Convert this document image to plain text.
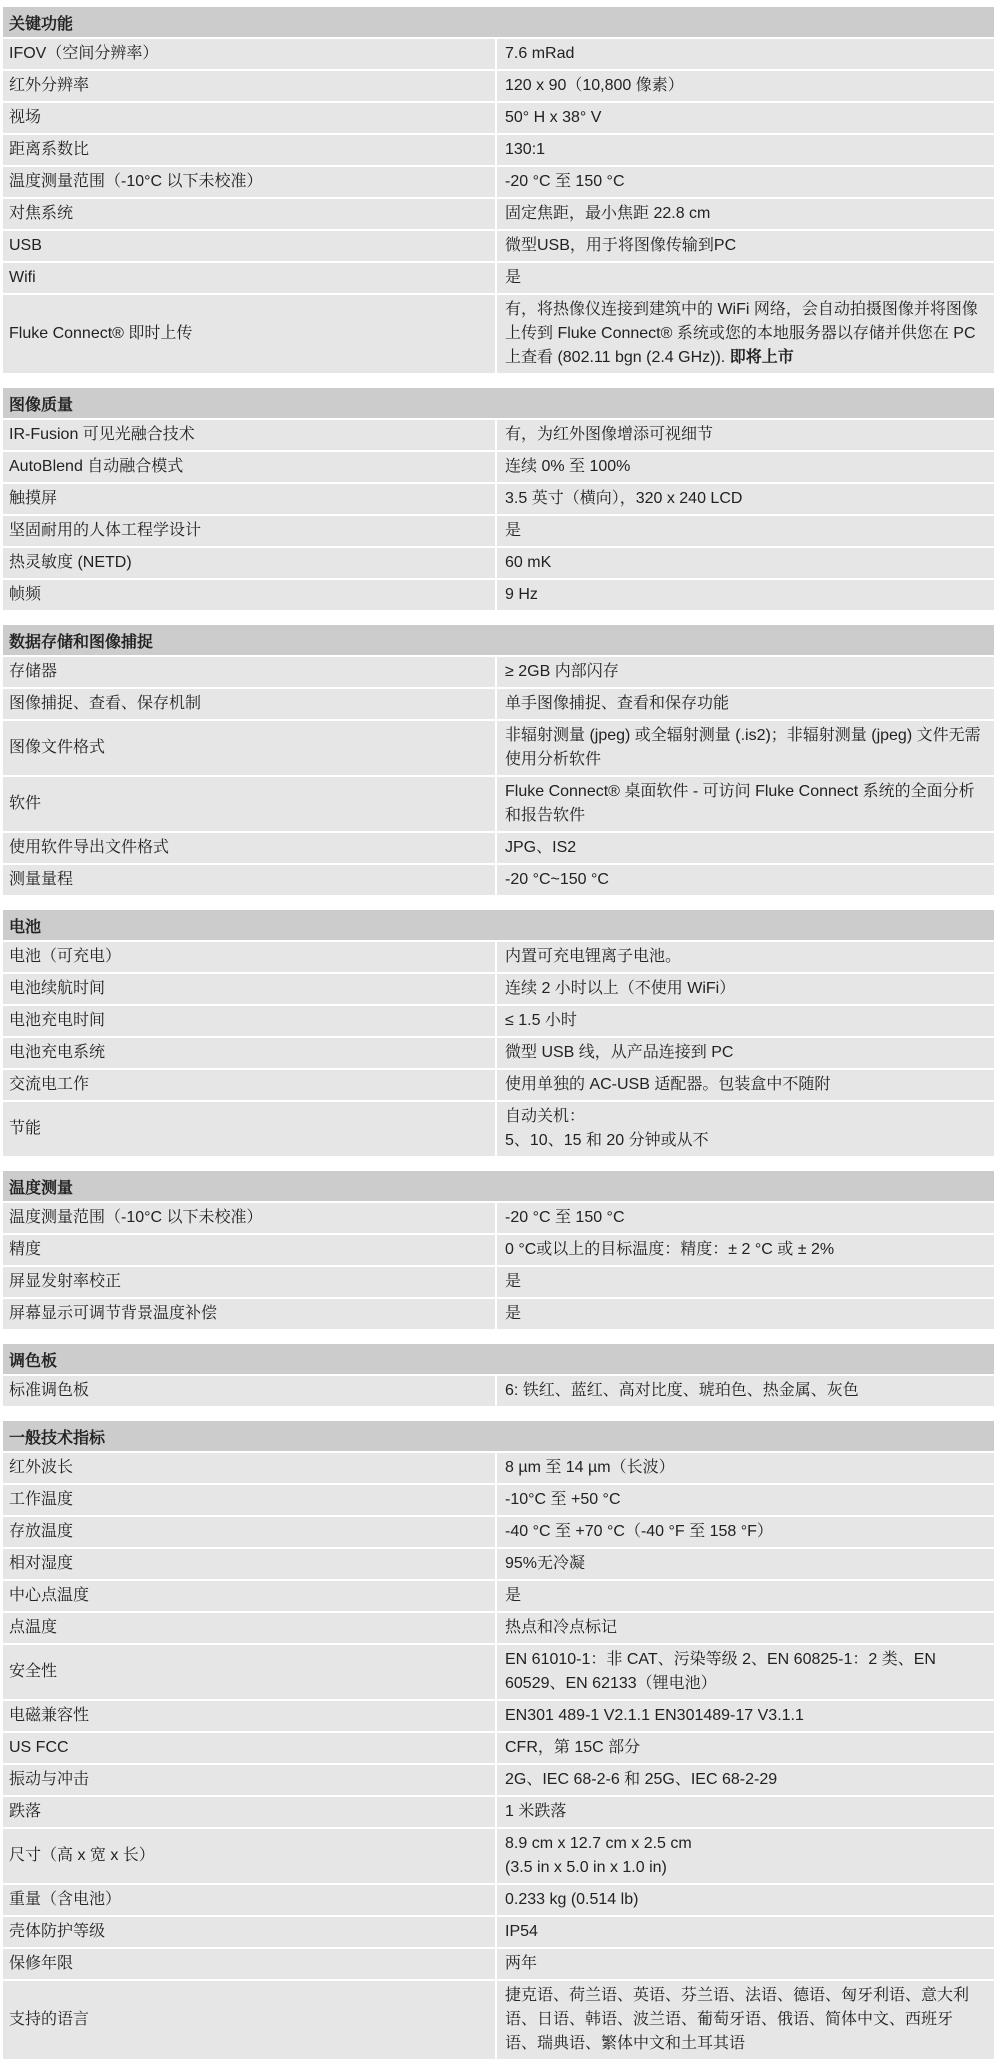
关键功能	
IFOV（空间分辨率）	7.6 mRad
红外分辨率	120 x 90（10,800 像素）
视场	50° H x 38° V
距离系数比	130:1
温度测量范围（-10°C 以下未校准）	-20 °C 至 150 °C
对焦系统	固定焦距，最小焦距 22.8 cm
USB	微型USB，用于将图像传输到PC
Wifi	是
Fluke Connect® 即时上传	有，将热像仪连接到建筑中的 WiFi 网络，会自动拍摄图像并将图像上传到 Fluke Connect® 系统或您的本地服务器以存储并供您在 PC 上查看 (802.11 bgn (2.4 GHz)). 即将上市
图像质量	
IR-Fusion 可见光融合技术	有，为红外图像增添可视细节
AutoBlend 自动融合模式	连续 0% 至 100%
触摸屏	3.5 英寸（横向），320 x 240 LCD
坚固耐用的人体工程学设计	是
热灵敏度 (NETD)	60 mK
帧频	9 Hz
数据存储和图像捕捉	
存储器	≥ 2GB 内部闪存
图像捕捉、查看、保存机制	单手图像捕捉、查看和保存功能
图像文件格式	非辐射测量 (jpeg) 或全辐射测量 (.is2)；非辐射测量 (jpeg) 文件无需使用分析软件
软件	Fluke Connect® 桌面软件 - 可访问 Fluke Connect 系统的全面分析和报告软件
使用软件导出文件格式	JPG、IS2
测量量程	-20 °C~150 °C
电池	
电池（可充电）	内置可充电锂离子电池。
电池续航时间	连续 2 小时以上（不使用 WiFi）
电池充电时间	≤ 1.5 小时
电池充电系统	微型 USB 线，从产品连接到 PC
交流电工作	使用单独的 AC-USB 适配器。包装盒中不随附
节能	自动关机：
5、10、15 和 20 分钟或从不
温度测量	
温度测量范围（-10°C 以下未校准）	-20 °C 至 150 °C
精度	0 °C或以上的目标温度：精度：± 2 °C 或 ± 2%
屏显发射率校正	是
屏幕显示可调节背景温度补偿	是
调色板
标准调色板	6: 铁红、蓝红、高对比度、琥珀色、热金属、灰色
一般技术指标	
红外波长	8 µm 至 14 µm（长波）
工作温度	-10°C 至 +50 °C
存放温度	-40 °C 至 +70 °C（-40 °F 至 158 °F）
相对湿度	95%无冷凝
中心点温度	是
点温度	热点和冷点标记
安全性	EN 61010-1：非 CAT、污染等级 2、EN 60825-1：2 类、EN 60529、EN 62133（锂电池）
电磁兼容性	EN301 489-1 V2.1.1 EN301489-17 V3.1.1
US FCC	CFR，第 15C 部分
振动与冲击	2G、IEC 68-2-6 和 25G、IEC 68-2-29
跌落	1 米跌落
尺寸（高 x 宽 x 长）	8.9 cm x 12.7 cm x 2.5 cm
(3.5 in x 5.0 in x 1.0 in)

重量（含电池）	0.233 kg (0.514 lb)
壳体防护等级	IP54
保修年限	两年
支持的语言	捷克语、荷兰语、英语、芬兰语、法语、德语、匈牙利语、意大利语、日语、韩语、波兰语、葡萄牙语、俄语、简体中文、西班牙语、瑞典语、繁体中文和土耳其语
